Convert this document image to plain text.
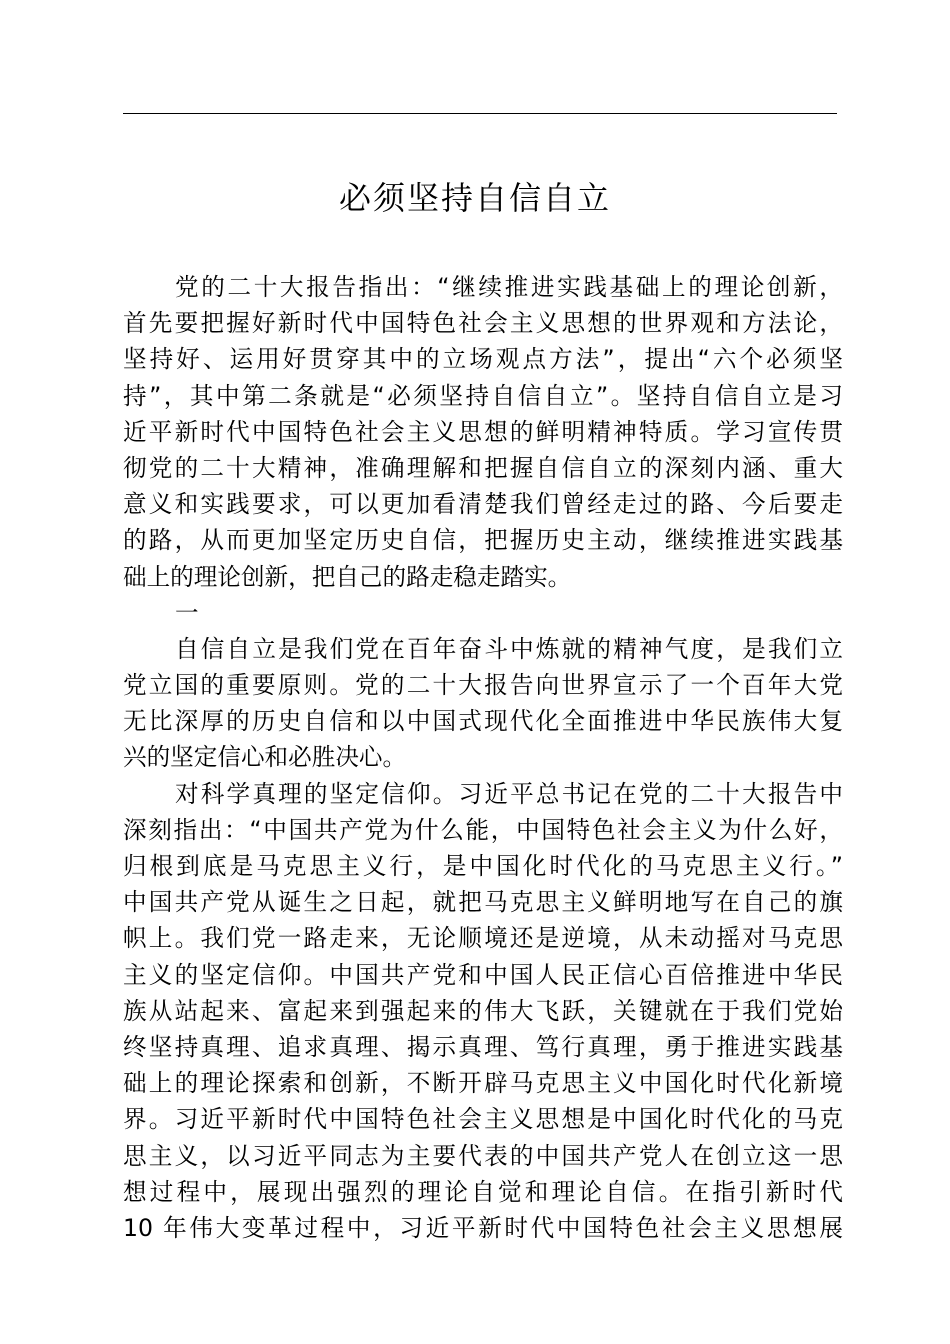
必须坚持自信自立
党的二十大报告指出：“继续推进实践基础上的理论创新，
首先要把握好新时代中国特色社会主义思想的世界观和方法论，
坚持好、运用好贯穿其中的立场观点方法”，提出“六个必须坚
持”，其中第二条就是“必须坚持自信自立”。坚持自信自立是习
近平新时代中国特色社会主义思想的鲜明精神特质。学习宣传贯
彻党的二十大精神，准确理解和把握自信自立的深刻内涵、重大
意义和实践要求，可以更加看清楚我们曾经走过的路、今后要走
的路，从而更加坚定历史自信，把握历史主动，继续推进实践基
础上的理论创新，把自己的路走稳走踏实。
一
自信自立是我们党在百年奋斗中炼就的精神气度，是我们立
党立国的重要原则。党的二十大报告向世界宣示了一个百年大党
无比深厚的历史自信和以中国式现代化全面推进中华民族伟大复
兴的坚定信心和必胜决心。
对科学真理的坚定信仰。习近平总书记在党的二十大报告中
深刻指出：“中国共产党为什么能，中国特色社会主义为什么好，
归根到底是马克思主义行，是中国化时代化的马克思主义行。”
中国共产党从诞生之日起，就把马克思主义鲜明地写在自己的旗
帜上。我们党一路走来，无论顺境还是逆境，从未动摇对马克思
主义的坚定信仰。中国共产党和中国人民正信心百倍推进中华民
族从站起来、富起来到强起来的伟大飞跃，关键就在于我们党始
终坚持真理、追求真理、揭示真理、笃行真理，勇于推进实践基
础上的理论探索和创新，不断开辟马克思主义中国化时代化新境
界。习近平新时代中国特色社会主义思想是中国化时代化的马克
思主义，以习近平同志为主要代表的中国共产党人在创立这一思
想过程中，展现出强烈的理论自觉和理论自信。在指引新时代
10 年伟大变革过程中，习近平新时代中国特色社会主义思想展
